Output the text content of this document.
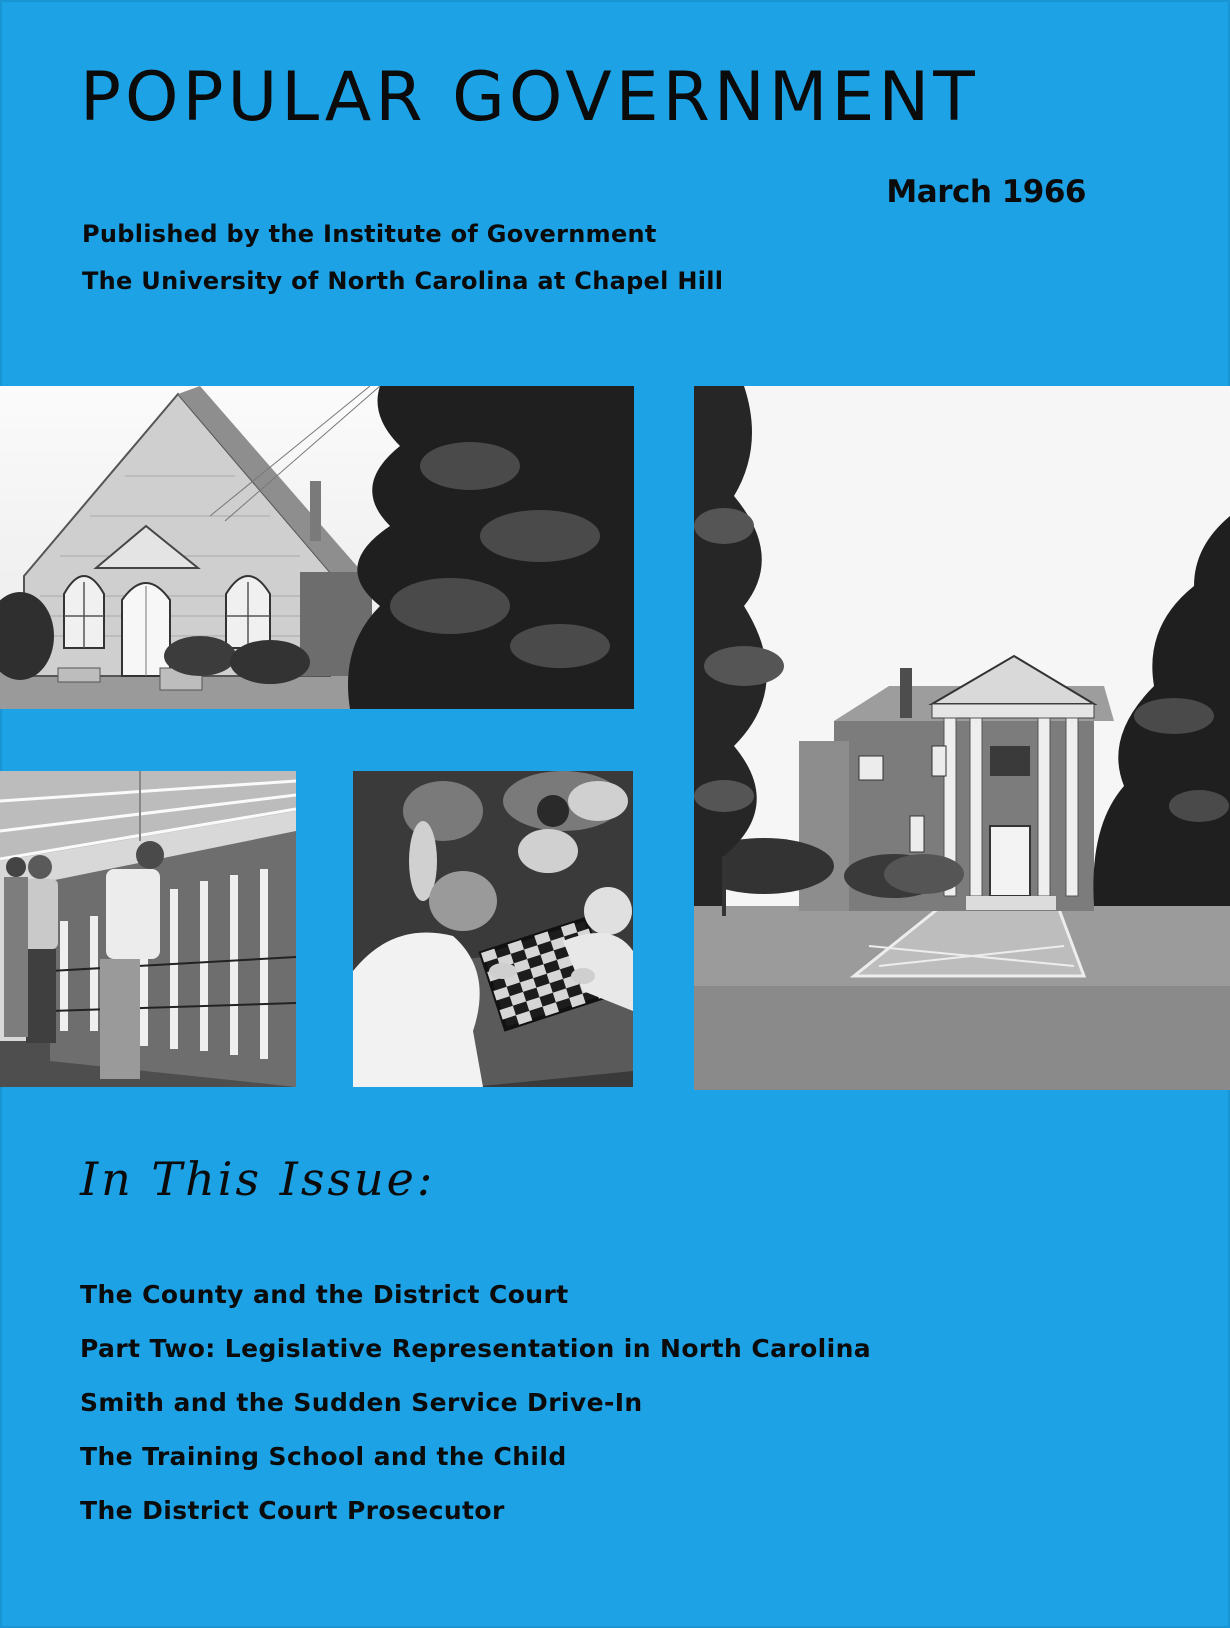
POPULAR GOVERNMENT
March 1966
Published by the Institute of Government
The University of North Carolina at Chapel Hill
In This Issue:
The County and the District Court
Part Two: Legislative Representation in North Carolina
Smith and the Sudden Service Drive-In
The Training School and the Child
The District Court Prosecutor
